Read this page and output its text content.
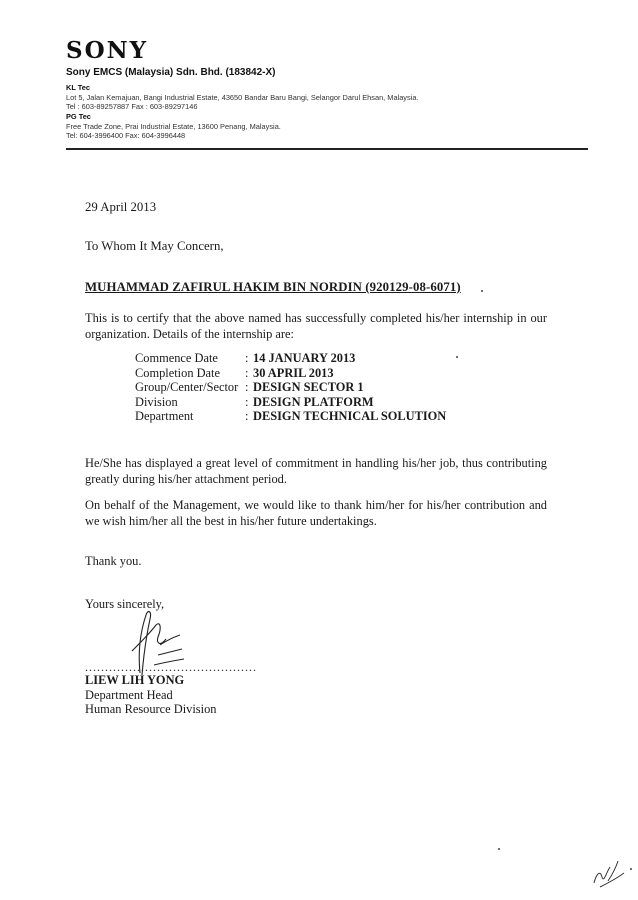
SONY
Sony EMCS (Malaysia) Sdn. Bhd. (183842-X)
KL Tec
Lot 5, Jalan Kemajuan, Bangi Industrial Estate, 43650 Bandar Baru Bangi, Selangor Darul Ehsan, Malaysia.
Tel : 603-89257887 Fax : 603-89297146
PG Tec
Free Trade Zone, Prai Industrial Estate, 13600 Penang, Malaysia.
Tel: 604-3996400 Fax: 604-3996448
29 April 2013
To Whom It May Concern,
MUHAMMAD ZAFIRUL HAKIM BIN NORDIN (920129-08-6071)
This is to certify that the above named has successfully completed his/her internship in our organization. Details of the internship are:
Commence Date	: 14 JANUARY 2013
Completion Date	: 30 APRIL 2013
Group/Center/Sector : DESIGN SECTOR 1
Division	: DESIGN PLATFORM
Department	: DESIGN TECHNICAL SOLUTION
He/She has displayed a great level of commitment in handling his/her job, thus contributing greatly during his/her attachment period.
On behalf of the Management, we would like to thank him/her for his/her contribution and we wish him/her all the best in his/her future undertakings.
Thank you.
Yours sincerely,
...........................................
LIEW LIH YONG
Department Head
Human Resource Division
